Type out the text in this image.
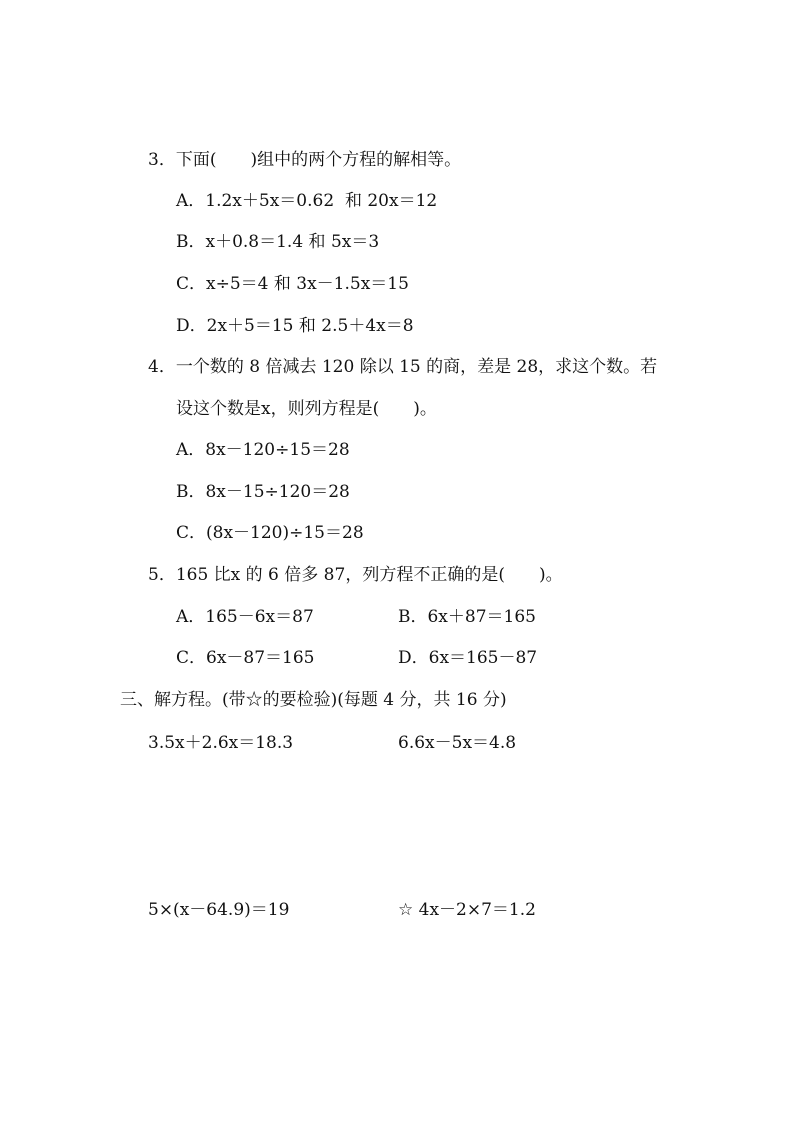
3．下面(　　)组中的两个方程的解相等。
A．1.2x＋5x＝0.62  和 20x＝12
B．x＋0.8＝1.4 和 5x＝3
C．x÷5＝4 和 3x－1.5x＝15
D．2x＋5＝15 和 2.5＋4x＝8
4．一个数的 8 倍减去 120 除以 15 的商，差是 28，求这个数。若
设这个数是x，则列方程是(　　)。
A．8x－120÷15＝28
B．8x－15÷120＝28
C．(8x－120)÷15＝28
5．165 比x 的 6 倍多 87，列方程不正确的是(　　)。
A．165－6x＝87	B．6x＋87＝165
C．6x－87＝165	D．6x＝165－87
三、解方程。(带☆的要检验)(每题 4 分，共 16 分)
3.5x＋2.6x＝18.3	6.6x－5x＝4.8
5×(x－64.9)＝19	☆ 4x－2×7＝1.2
